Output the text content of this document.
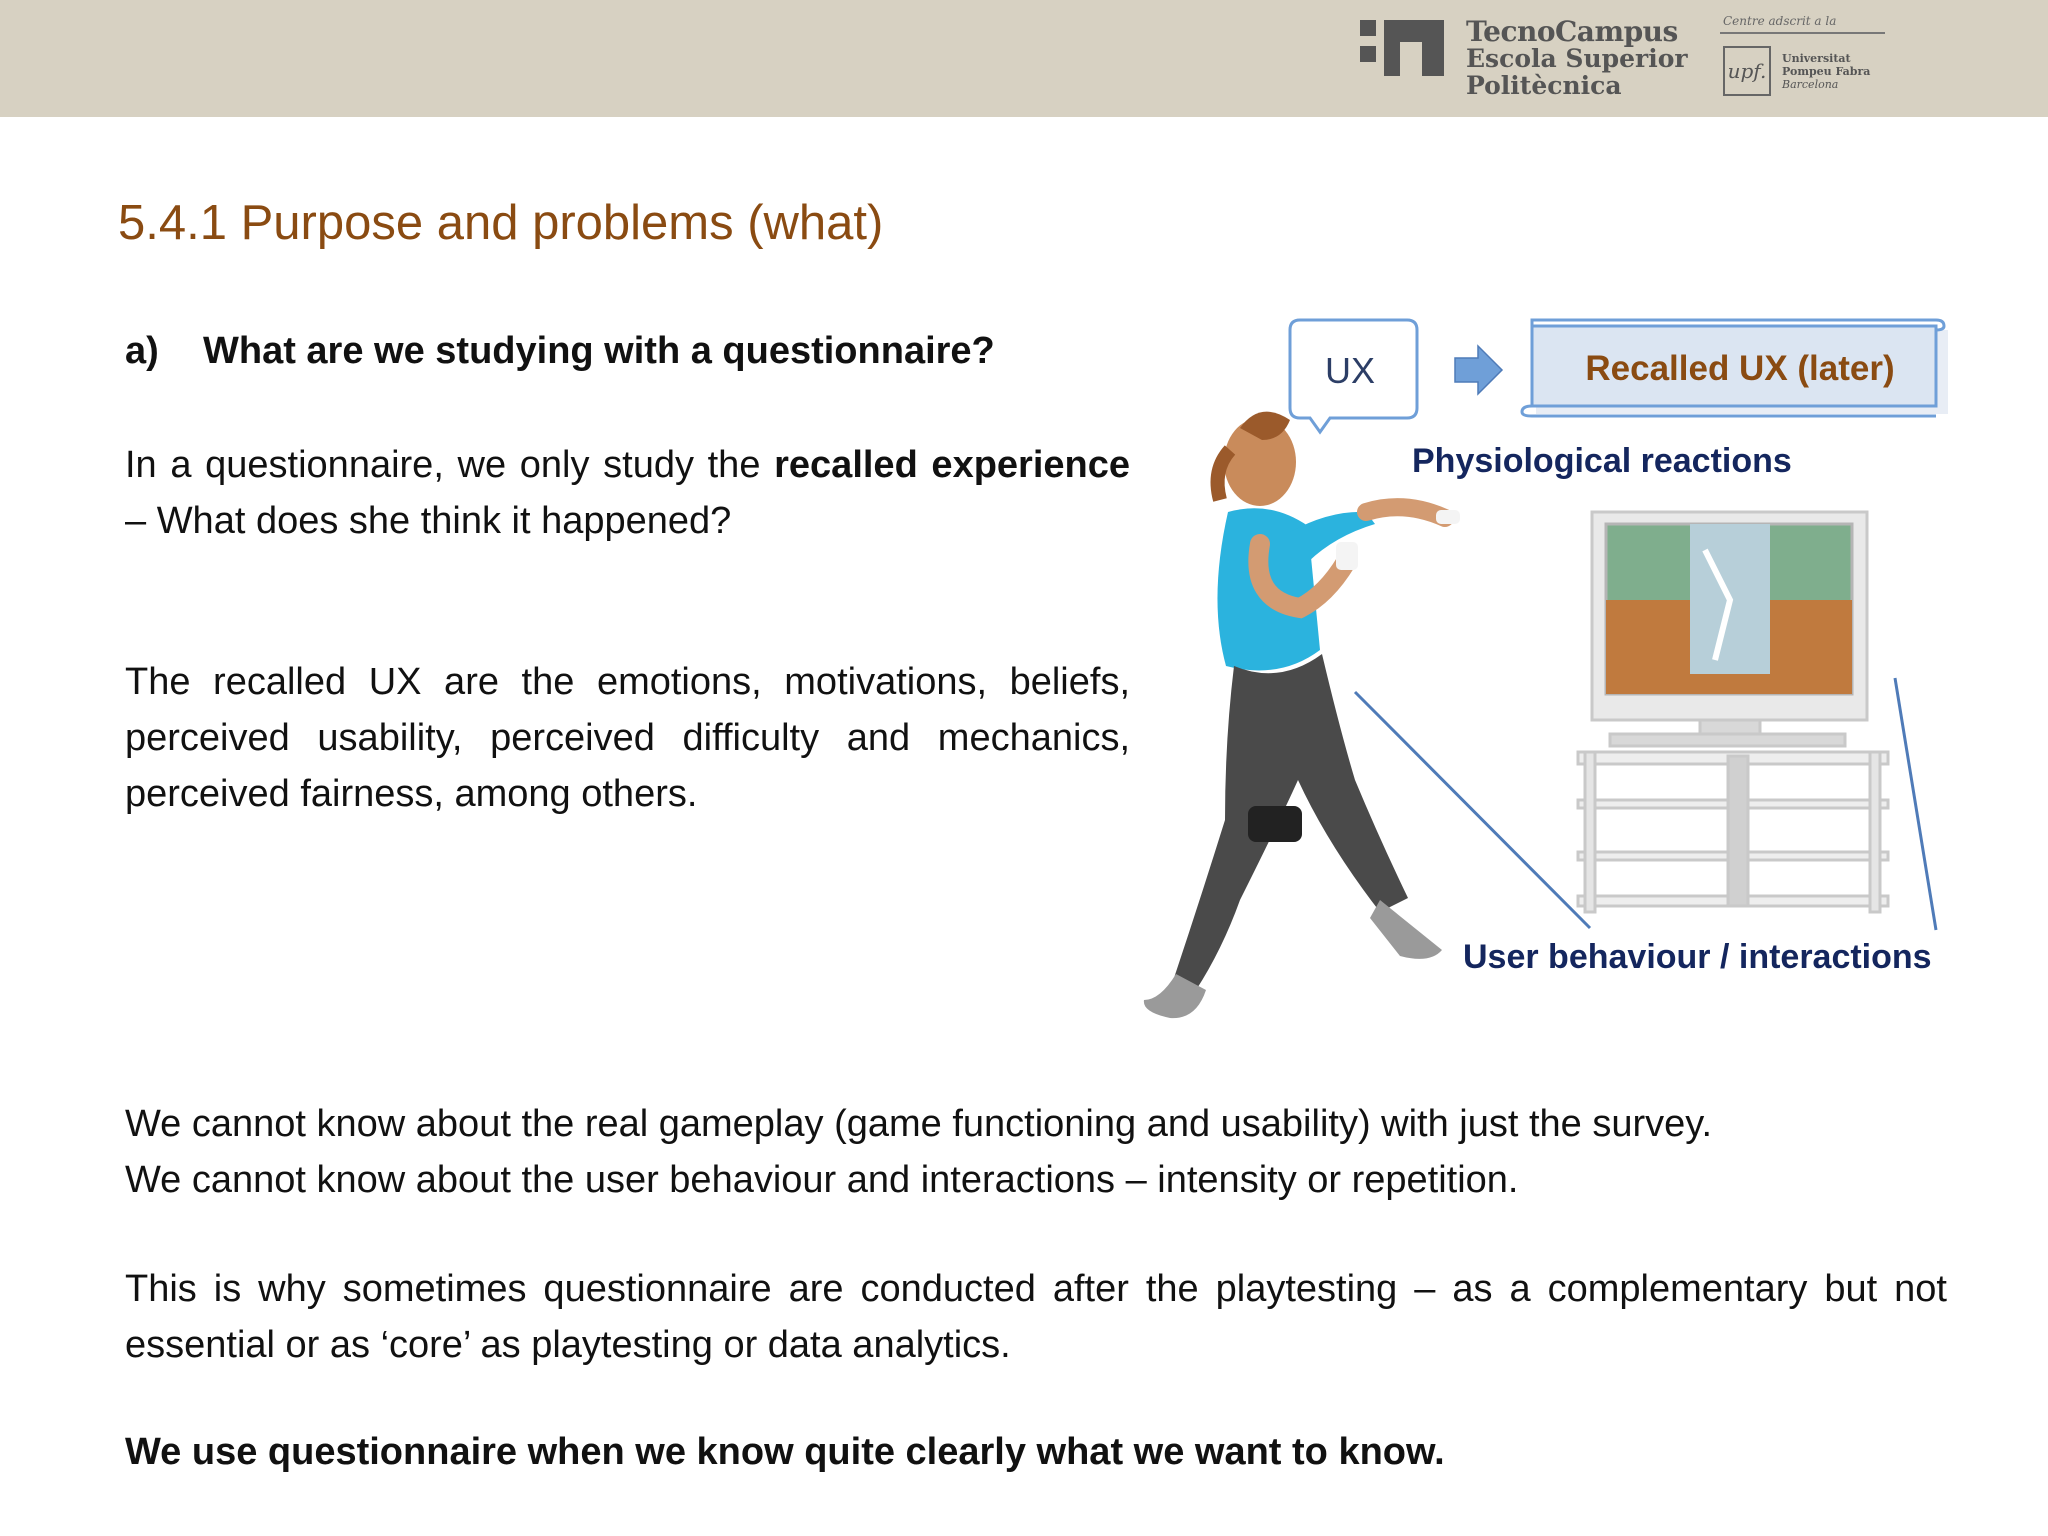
TecnoCampus
Escola Superior
Politècnica
Centre adscrit a la
upf.
Universitat
Pompeu Fabra
Barcelona
5.4.1 Purpose and problems (what)
a) What are we studying with a questionnaire?

In a questionnaire, we only study the recalled experience – What does she think it happened?

The recalled UX are the emotions, motivations, beliefs, perceived usability, perceived difficulty and mechanics, perceived fairness, among others.

We cannot know about the real gameplay (game functioning and usability) with just the survey.
We cannot know about the user behaviour and interactions – intensity or repetition.

This is why sometimes questionnaire are conducted after the playtesting – as a complementary but not essential or as ‘core’ as playtesting or data analytics.

We use questionnaire when we know quite clearly what we want to know.

UX	Recalled UX (later)
Physiological reactions
User behaviour / interactions
